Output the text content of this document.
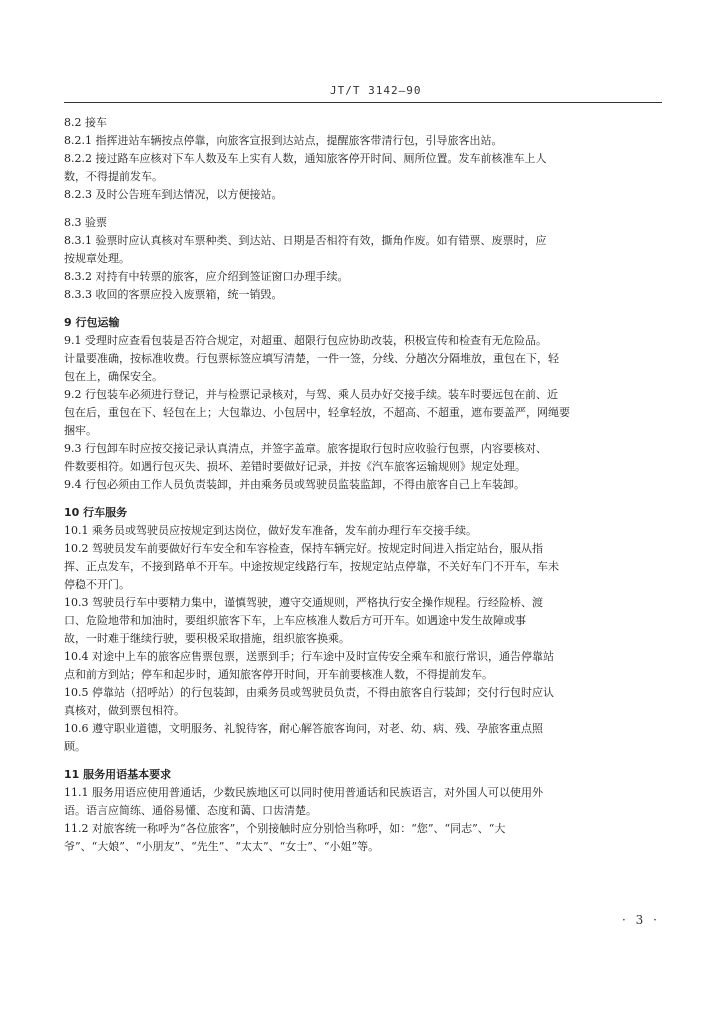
JT/T 3142—90
8.2 接车
8.2.1 指挥进站车辆按点停靠，向旅客宣报到达站点，提醒旅客带清行包，引导旅客出站。
8.2.2 接过路车应核对下车人数及车上实有人数，通知旅客停开时间、厕所位置。发车前核准车上人
数，不得提前发车。
8.2.3 及时公告班车到达情况，以方便接站。
8.3 验票
8.3.1 验票时应认真核对车票种类、到达站、日期是否相符有效，撕角作废。如有错票、废票时，应
按规章处理。
8.3.2 对持有中转票的旅客，应介绍到签证窗口办理手续。
8.3.3 收回的客票应投入废票箱，统一销毁。
9 行包运输
9.1 受理时应查看包装是否符合规定，对超重、超限行包应协助改装，积极宣传和检查有无危险品。
计量要准确，按标准收费。行包票标签应填写清楚，一件一签，分线、分趟次分隔堆放，重包在下，轻
包在上，确保安全。
9.2 行包装车必须进行登记，并与检票记录核对，与驾、乘人员办好交接手续。装车时要远包在前、近
包在后，重包在下、轻包在上；大包靠边、小包居中，轻拿轻放，不超高、不超重，遮布要盖严，网绳要
捆牢。
9.3 行包卸车时应按交接记录认真清点，并签字盖章。旅客提取行包时应收验行包票，内容要核对、
件数要相符。如遇行包灭失、损坏、差错时要做好记录，并按《汽车旅客运输规则》规定处理。
9.4 行包必须由工作人员负责装卸，并由乘务员或驾驶员监装监卸，不得由旅客自己上车装卸。
10 行车服务
10.1 乘务员或驾驶员应按规定到达岗位，做好发车准备，发车前办理行车交接手续。
10.2 驾驶员发车前要做好行车安全和车容检查，保持车辆完好。按规定时间进入指定站台，服从指
挥、正点发车，不接到路单不开车。中途按规定线路行车，按规定站点停靠，不关好车门不开车，车未
停稳不开门。
10.3 驾驶员行车中要精力集中，谨慎驾驶，遵守交通规则，严格执行安全操作规程。行经险桥、渡
口、危险地带和加油时，要组织旅客下车，上车应核准人数后方可开车。如遇途中发生故障或事
故，一时难于继续行驶，要积极采取措施，组织旅客换乘。
10.4 对途中上车的旅客应售票包票，送票到手；行车途中及时宣传安全乘车和旅行常识，通告停靠站
点和前方到站；停车和起步时，通知旅客停开时间，开车前要核准人数，不得提前发车。
10.5 停靠站（招呼站）的行包装卸，由乘务员或驾驶员负责，不得由旅客自行装卸；交付行包时应认
真核对，做到票包相符。
10.6 遵守职业道德，文明服务、礼貌待客，耐心解答旅客询问，对老、幼、病、残、孕旅客重点照
顾。
11 服务用语基本要求
11.1 服务用语应使用普通话，少数民族地区可以同时使用普通话和民族语言，对外国人可以使用外
语。语言应简练、通俗易懂、态度和蔼、口齿清楚。
11.2 对旅客统一称呼为“各位旅客”，个别接触时应分别恰当称呼，如：“您”、“同志”、“大
爷”、“大娘”、“小朋友”、“先生”、“太太”、“女士”、“小姐”等。
· 3 ·
